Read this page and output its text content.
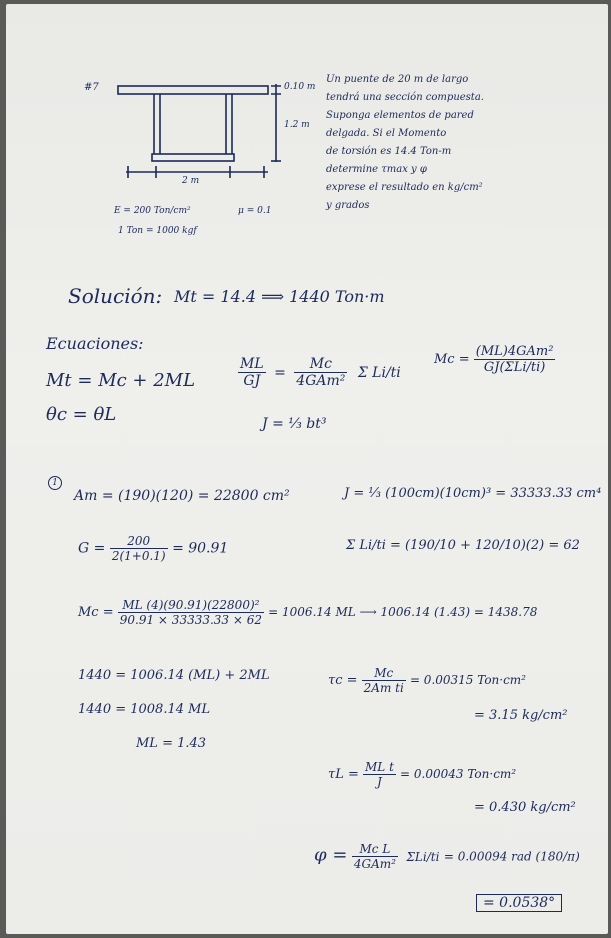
#7	0.10 m
1.2 m
2 m
E = 200 Ton/cm²	μ = 0.1
1 Ton = 1000 kgf
Un puente de 20 m de largo
tendrá una sección compuesta.
Suponga elementos de pared
delgada. Si el Momento
de torsión es 14.4 Ton-m
determine τmax y φ
exprese el resultado en kg/cm²
y grados
Solución: Mt = 14.4 ⟹ 1440 Ton·m
Ecuaciones:
Mt = Mc + 2ML
θc = θL
$\frac{ML}{GJ} = \frac{Mc}{\text{4GAm²}}$ Σ Li/ti
$Mc = \frac{\text{(ML)4GAm²}}{\text{GJ(ΣLi/ti)}}$
J = ⅓ bt³
1
Am = (190)(120) = 22800 cm²	J = ⅓ (100cm)(10cm)³ = 33333.33 cm⁴
$G = \frac{200}{2(1+0.1)} = 90.91$	Σ Li/ti = (190/10 + 120/10)(2) = 62
$Mc = \frac{\text{ML (4)(90.91)(22800)²}}{90.91 \times 33333.33 \times 62} = 1006.14$ ML ⟶ 1006.14 (1.43) = 1438.78
1440 = 1006.14 (ML) + 2ML
1440 = 1008.14 ML
ML = 1.43
$\tau c = \frac{Mc}{\text{2Am ti}} = 0.00315$ Ton·cm²
= 3.15 kg/cm²
$\tau L = \frac{\text{ML t}}{J} = 0.00043$ Ton·cm²
= 0.430 kg/cm²
$\varphi = \frac{\text{Mc L}}{\text{4GAm²}} \Sigma Li/ti = 0.00094$ rad (180/π)
= 0.0538°
